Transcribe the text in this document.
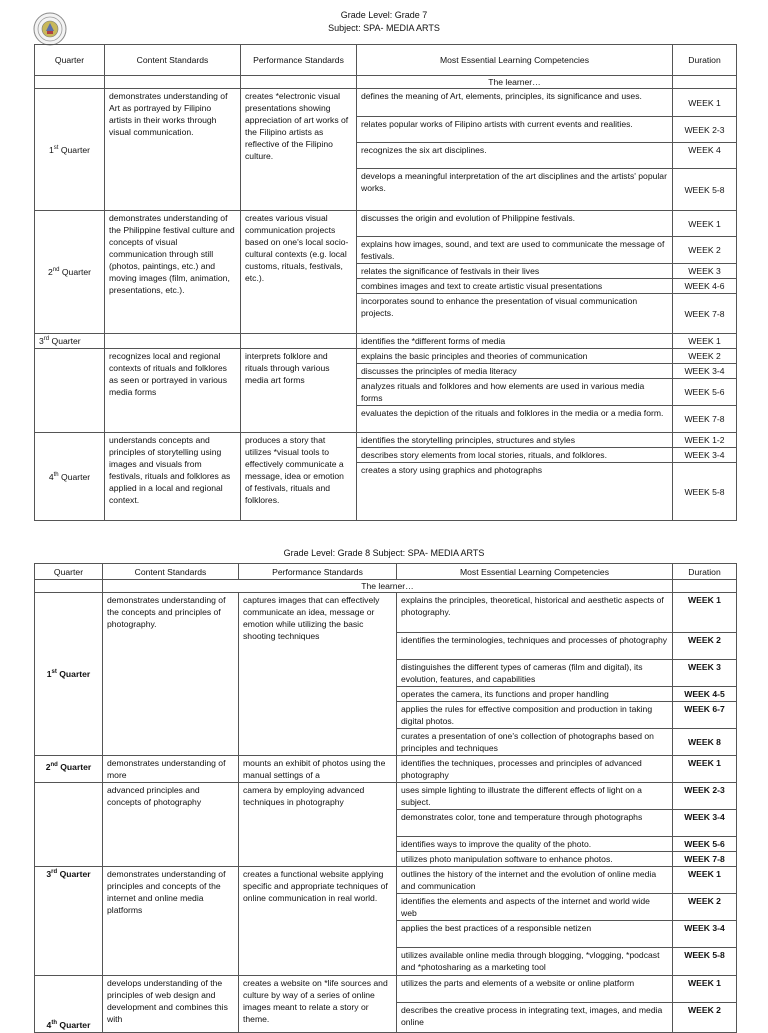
Grade Level: Grade 7
Subject: SPA- MEDIA ARTS
Quarter	Content Standards	Performance Standards	Most Essential Learning Competencies	Duration
			The learner…	
1st Quarter	demonstrates understanding of Art as portrayed by Filipino artists in their works through visual communication.	creates *electronic visual presentations showing appreciation of art works of the Filipino artists as reflective of the Filipino culture.	defines the meaning of Art, elements, principles, its significance and uses.	WEEK 1
			relates popular works of Filipino artists with current events and realities.	WEEK 2-3
			recognizes the six art disciplines.	WEEK 4
			develops a meaningful interpretation of the art disciplines and the artists' popular works.	WEEK 5-8
2nd Quarter	demonstrates understanding of the Philippine festival culture and concepts of visual communication through still (photos, paintings, etc.) and moving images (film, animation, presentations, etc.).	creates various visual communication projects based on one's local socio-cultural contexts (e.g. local customs, rituals, festivals, etc.).	discusses the origin and evolution of Philippine festivals.	WEEK 1
			explains how images, sound, and text are used to communicate the message of festivals.	WEEK 2
			relates the significance of festivals in their lives	WEEK 3
			combines images and text to create artistic visual presentations	WEEK 4-6
			incorporates sound to enhance the presentation of visual communication projects.	WEEK 7-8
3rd Quarter			identifies the *different forms of media	WEEK 1
	recognizes local and regional contexts of rituals and folklores as seen or portrayed in various media forms	interprets folklore and rituals through various media art forms	explains the basic principles and theories of communication	WEEK 2
			discusses the principles of media literacy	WEEK 3-4
			analyzes rituals and folklores and how elements are used in various media forms	WEEK 5-6
			evaluates the depiction of the rituals and folklores in the media or a media form.	WEEK 7-8
4th Quarter	understands concepts and principles of storytelling using images and visuals from festivals, rituals and folklores as applied in a local and regional context.	produces a story that utilizes *visual tools to effectively communicate a message, idea or emotion of festivals, rituals and folklores.	identifies the storytelling principles, structures and styles	WEEK 1-2
			describes story elements from local stories, rituals, and folklores.	WEEK 3-4
			creates a story using graphics and photographs	WEEK 5-8
Grade Level: Grade 8 Subject: SPA- MEDIA ARTS
Quarter	Content Standards	Performance Standards	Most Essential Learning Competencies	Duration
	The learner…			
1st Quarter	demonstrates understanding of the concepts and principles of photography.	captures images that can effectively communicate an idea, message or emotion while utilizing the basic shooting techniques	explains the principles, theoretical, historical and aesthetic aspects of photography.	WEEK 1
			identifies the terminologies, techniques and processes of photography	WEEK 2
			distinguishes the different types of cameras (film and digital), its evolution, features, and capabilities	WEEK 3
			operates the camera, its functions and proper handling	WEEK 4-5
			applies the rules for effective composition and production in taking digital photos.	WEEK 6-7
			curates a presentation of one's collection of photographs based on principles and techniques	WEEK 8
2nd Quarter	demonstrates understanding of more	mounts an exhibit of photos using the manual settings of a	identifies the techniques, processes and principles of advanced photography	WEEK 1
	advanced principles and concepts of photography	camera by employing advanced techniques in photography	uses simple lighting to illustrate the different effects of light on a subject.	WEEK 2-3
			demonstrates color, tone and temperature through photographs	WEEK 3-4
			identifies ways to improve the quality of the photo.	WEEK 5-6
			utilizes photo manipulation software to enhance photos.	WEEK 7-8
3rd Quarter	demonstrates understanding of principles and concepts of the internet and online media platforms	creates a functional website applying specific and appropriate techniques of online communication in real world.	outlines the history of the internet and the evolution of online media and communication	WEEK 1
			identifies the elements and aspects of the internet and world wide web	WEEK 2
			applies the best practices of a responsible netizen	WEEK 3-4
			utilizes available online media through blogging, *vlogging, *podcast and *photosharing as a marketing tool	WEEK 5-8
4th Quarter	develops understanding of the principles of web design and development and combines this with	creates a website on *life sources and culture by way of a series of online images meant to relate a story or theme.	utilizes the parts and elements of a website or online platform	WEEK 1
			describes the creative process in integrating text, images, and media online	WEEK 2
